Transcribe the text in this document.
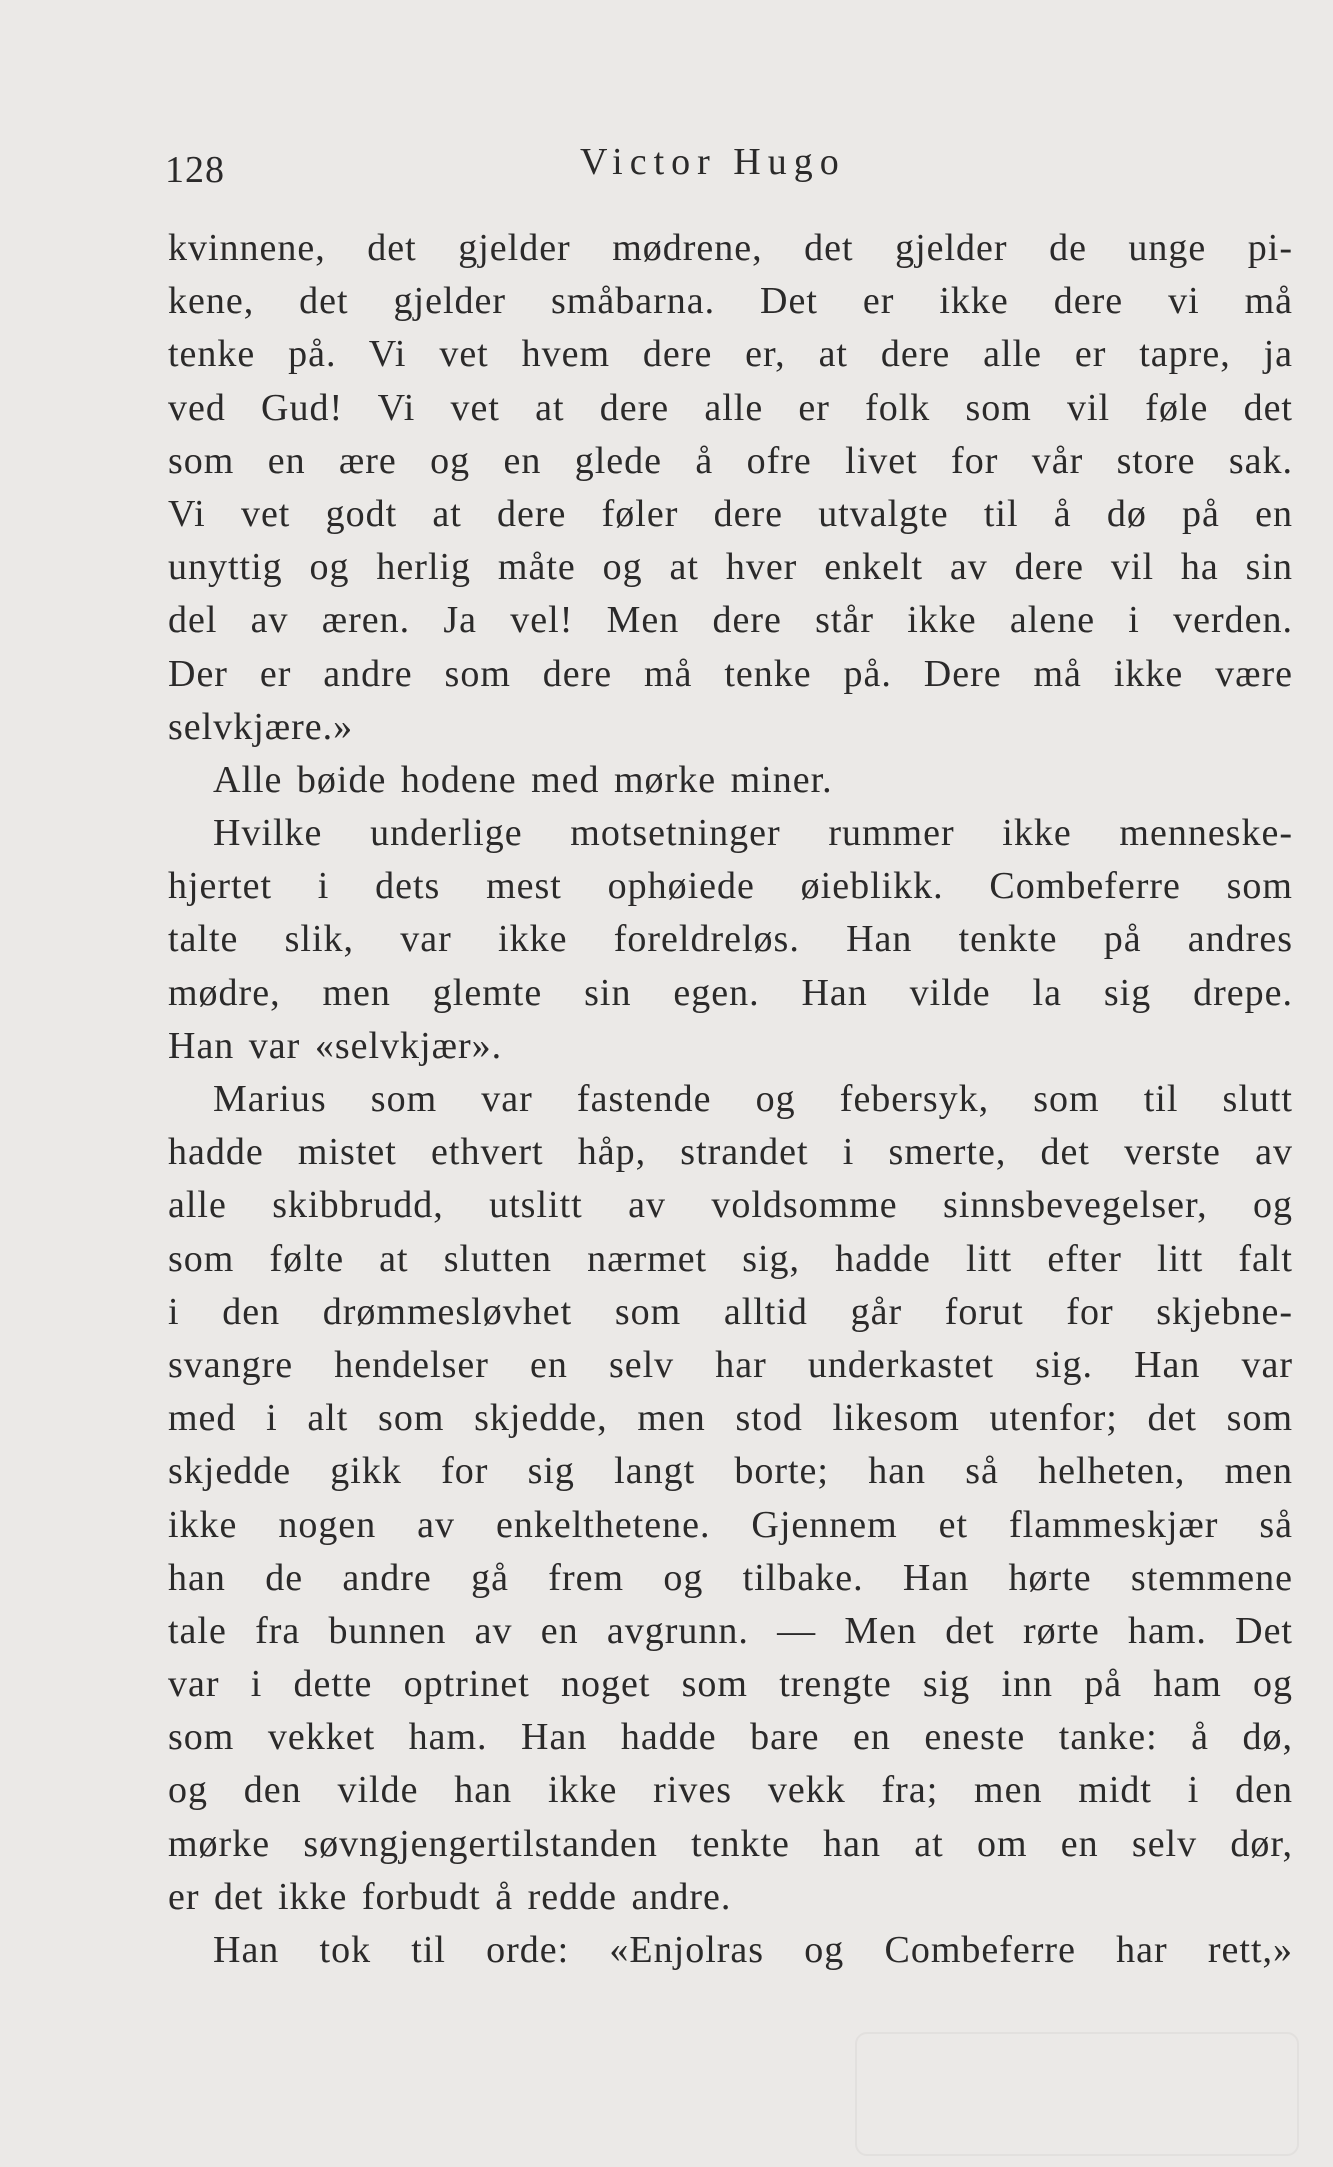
128	Victor Hugo
kvinnene, det gjelder mødrene, det gjelder de unge pi-
kene, det gjelder småbarna. Det er ikke dere vi må
tenke på. Vi vet hvem dere er, at dere alle er tapre, ja
ved Gud! Vi vet at dere alle er folk som vil føle det
som en ære og en glede å ofre livet for vår store sak.
Vi vet godt at dere føler dere utvalgte til å dø på en
unyttig og herlig måte og at hver enkelt av dere vil ha sin
del av æren. Ja vel! Men dere står ikke alene i verden.
Der er andre som dere må tenke på. Dere må ikke være
selvkjære.»
Alle bøide hodene med mørke miner.
Hvilke underlige motsetninger rummer ikke menneske-
hjertet i dets mest ophøiede øieblikk. Combeferre som
talte slik, var ikke foreldreløs. Han tenkte på andres
mødre, men glemte sin egen. Han vilde la sig drepe.
Han var «selvkjær».
Marius som var fastende og febersyk, som til slutt
hadde mistet ethvert håp, strandet i smerte, det verste av
alle skibbrudd, utslitt av voldsomme sinnsbevegelser, og
som følte at slutten nærmet sig, hadde litt efter litt falt
i den drømmesløvhet som alltid går forut for skjebne-
svangre hendelser en selv har underkastet sig. Han var
med i alt som skjedde, men stod likesom utenfor; det som
skjedde gikk for sig langt borte; han så helheten, men
ikke nogen av enkelthetene. Gjennem et flammeskjær så
han de andre gå frem og tilbake. Han hørte stemmene
tale fra bunnen av en avgrunn. — Men det rørte ham. Det
var i dette optrinet noget som trengte sig inn på ham og
som vekket ham. Han hadde bare en eneste tanke: å dø,
og den vilde han ikke rives vekk fra; men midt i den
mørke søvngjengertilstanden tenkte han at om en selv dør,
er det ikke forbudt å redde andre.
Han tok til orde: «Enjolras og Combeferre har rett,»
